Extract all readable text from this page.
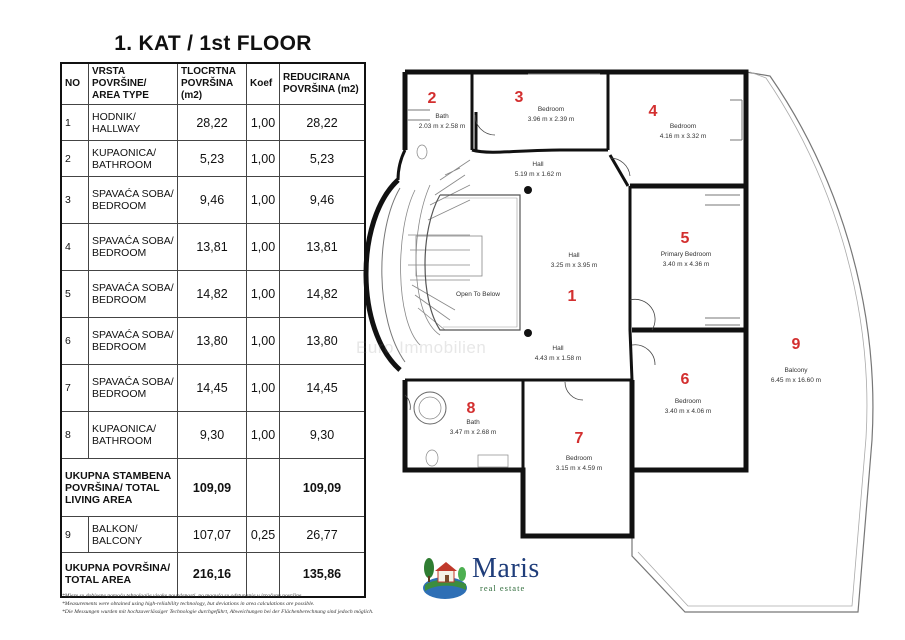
1. KAT / 1st FLOOR
NO	VRSTA POVRŠINE/ AREA TYPE	TLOCRTNA POVRŠINA (m2)	Koef	REDUCIRANA POVRŠINA (m2)
1	HODNIK/ HALLWAY	28,22	1,00	28,22
2	KUPAONICA/ BATHROOM	5,23	1,00	5,23
3	SPAVAĆA SOBA/ BEDROOM	9,46	1,00	9,46
4	SPAVAĆA SOBA/ BEDROOM	13,81	1,00	13,81
5	SPAVAĆA SOBA/ BEDROOM	14,82	1,00	14,82
6	SPAVAĆA SOBA/ BEDROOM	13,80	1,00	13,80
7	SPAVAĆA SOBA/ BEDROOM	14,45	1,00	14,45
8	KUPAONICA/ BATHROOM	9,30	1,00	9,30
UKUPNA STAMBENA POVRŠINA/ TOTAL LIVING AREA		109,09		109,09
9	BALKON/ BALCONY	107,07	0,25	26,77
UKUPNA POVRŠINA/ TOTAL AREA		216,16		135,86
*Mjere su dobivene pomoću tehnologije visoke pouzdanosti, no moguća su odstupanja u izračunu površine.
*Measurements were obtained using high-reliability technology, but deviations in area calculations are possible.
*Die Messungen wurden mit hochzuverlässiger Technologie durchgeführt, Abweichungen bei der Flächenberechnung sind jedoch möglich.
2	3
4
5
1
6
8
7
9
Bath
2.03 m x 2.58 m
Bedroom
3.96 m x 2.39 m
Bedroom
4.16 m x 3.32 m
Hall
5.19 m x 1.62 m
Primary Bedroom
3.40 m x 4.36 m
Hall
3.25 m x 3.95 m
Open To Below
Hall
4.43 m x 1.58 m
Bedroom
3.40 m x 4.06 m
Bath
3.47 m x 2.68 m
Bedroom
3.15 m x 4.59 m
Balcony
6.45 m x 16.60 m
Euro Immobilien
Maris
real estate
